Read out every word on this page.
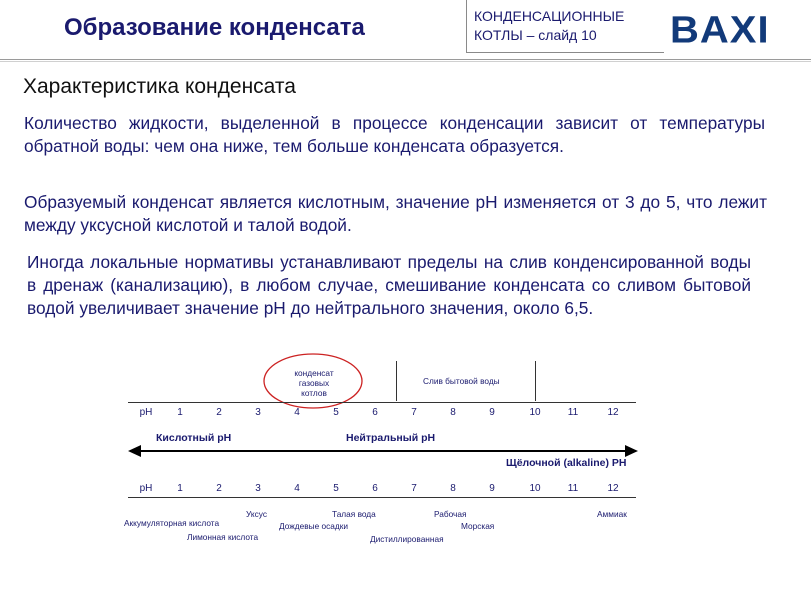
Образование конденсата	КОНДЕНСАЦИОННЫЕ
КОТЛЫ – слайд 10 BAXI
Характеристика конденсата
Количество жидкости, выделенной в процессе конденсации зависит от температуры обратной воды: чем она ниже, тем больше конденсата образуется.
Образуемый конденсат является кислотным, значение рН изменяется от 3 до 5, что лежит между уксусной кислотой и талой водой.
Иногда локальные нормативы устанавливают пределы на слив конденсированной воды в дренаж (канализацию), в любом случае, смешивание конденсата со сливом бытовой водой увеличивает значение pH до нейтрального значения, около 6,5.
конденсат
газовых
котлов
Слив бытовой воды
pH	1	2	3	4	5	6	7	8	9	10	11	12
Кислотный рН	Нейтральный рН
Щёлочной (alkaline) РН
pH	1	2	3	4	5	6	7	8	9	10	11	12
Аккумуляторная кислота
Лимонная кислота
Уксус
Дождевые осадки
Талая вода
Дистиллированная
Рабочая
Морская
Аммиак
